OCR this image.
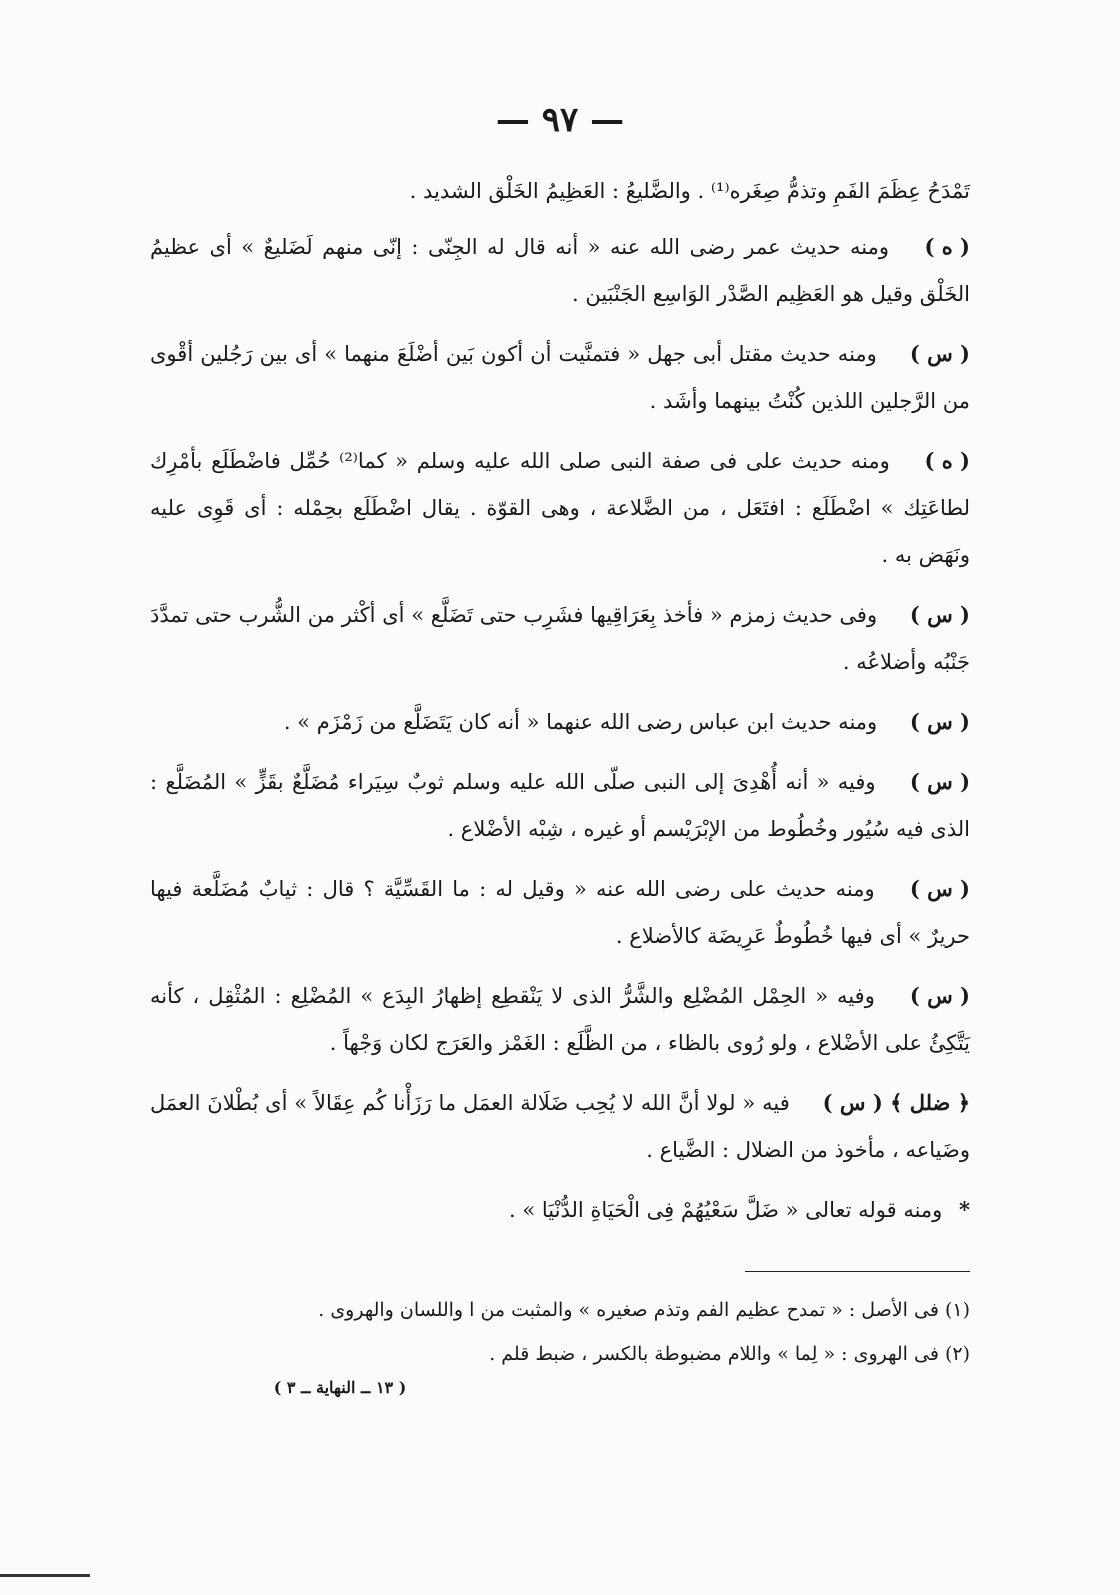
— ٩٧ —

تَمْدَحُ عِظَمَ الفَمِ وتذمُّ صِغَره⁽¹⁾ . والضَّليعُ : العَظِيمُ الخَلْق الشديد .

( ه ) ومنه حديث عمر رضى الله عنه « أنه قال له الجِنّى : إنّى منهم لَضَليعٌ » أى عظيمُ الخَلْق وقيل هو العَظِيم الصَّدْر الوَاسِع الجَنْبَين .

( س ) ومنه حديث مقتل أبى جهل « فتمنَّيت أن أكون بَين أضْلَعَ منهما » أى بين رَجُلين أقْوى من الرَّجلين اللذين كُنْتُ بينهما وأشَد .

( ه ) ومنه حديث على فى صفة النبى صلى الله عليه وسلم « كما⁽²⁾ حُمِّل فاضْطَلَع بأمْرِك لطاعَتِك » اضْطَلَع : افتَعَل ، من الضَّلاعة ، وهى القوّة . يقال اضْطَلَع بحِمْله : أى قَوِى عليه ونَهَض به .

( س ) وفى حديث زمزم « فأخذ بِعَرَاقِيها فشَرِب حتى تَضَلَّع » أى أكْثر من الشُّرب حتى تمدَّدَ جَنْبُه وأضلاعُه .

( س ) ومنه حديث ابن عباس رضى الله عنهما « أنه كان يَتَضَلَّع من زَمْزَم » .

( س ) وفيه « أنه أُهْدِىَ إلى النبى صلّى الله عليه وسلم ثوبٌ سِيَراء مُضَلَّعٌ بقَزٍّ » المُضَلَّع : الذى فيه سُيُور وخُطُوط من الإبْرَيْسم أو غيره ، شِبْه الأضْلاع .

( س ) ومنه حديث على رضى الله عنه « وقيل له : ما القَسِّيَّة ؟ قال : ثيابٌ مُضَلَّعة فيها حريرٌ » أى فيها خُطُوطٌ عَرِيضَة كالأضلاع .

( س ) وفيه « الحِمْل المُضْلِع والشَّرُّ الذى لا يَنْقطِع إظهارُ البِدَع » المُضْلِع : المُثْقِل ، كأنه يَتَّكِئُ على الأضْلاع ، ولو رُوى بالظاء ، من الظَّلَع : الغَمْز والعَرَج لكان وَجْهاً .

﴿ ضلل ﴾ ( س ) فيه « لولا أنَّ الله لا يُحِب ضَلَالة العمَل ما رَزَأْنا كُم عِقَالاً » أى بُطْلانَ العمَل وضَياعه ، مأخوذ من الضلال : الضَّياع .

* ومنه قوله تعالى « ضَلَّ سَعْيُهُمْ فِى الْحَيَاةِ الدُّنْيَا » .

(١) فى الأصل : « تمدح عظيم الفم وتذم صغيره » والمثبت من ا واللسان والهروى .

(٢) فى الهروى : « لِما » واللام مضبوطة بالكسر ، ضبط قلم .

( ١٣ ــ النهاية ــ ٣ )
